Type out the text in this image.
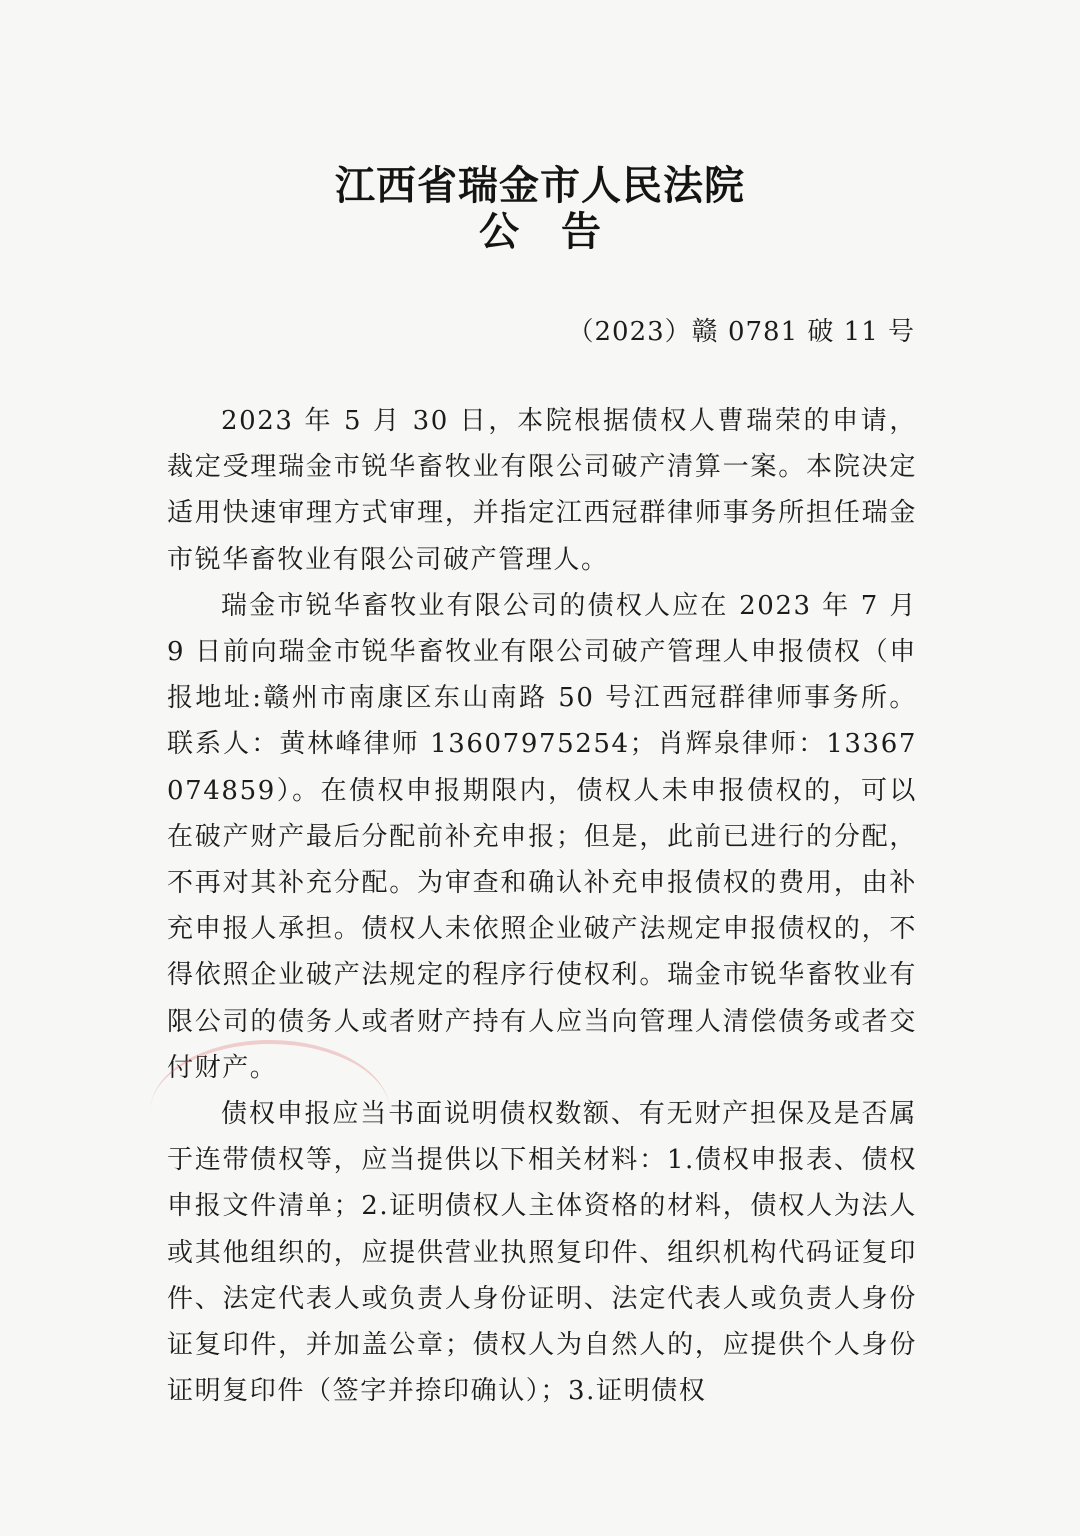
江西省瑞金市人民法院
公告

（2023）赣 0781 破 11 号

2023 年 5 月 30 日，本院根据债权人曹瑞荣的申请，裁定受理瑞金市锐华畜牧业有限公司破产清算一案。本院决定适用快速审理方式审理，并指定江西冠群律师事务所担任瑞金市锐华畜牧业有限公司破产管理人。

瑞金市锐华畜牧业有限公司的债权人应在 2023 年 7 月 9 日前向瑞金市锐华畜牧业有限公司破产管理人申报债权（申报地址:赣州市南康区东山南路 50 号江西冠群律师事务所。联系人：黄林峰律师 13607975254；肖辉泉律师：13367074859）。在债权申报期限内，债权人未申报债权的，可以在破产财产最后分配前补充申报；但是，此前已进行的分配，不再对其补充分配。为审查和确认补充申报债权的费用，由补充申报人承担。债权人未依照企业破产法规定申报债权的，不得依照企业破产法规定的程序行使权利。瑞金市锐华畜牧业有限公司的债务人或者财产持有人应当向管理人清偿债务或者交付财产。

债权申报应当书面说明债权数额、有无财产担保及是否属于连带债权等，应当提供以下相关材料：1.债权申报表、债权申报文件清单；2.证明债权人主体资格的材料，债权人为法人或其他组织的，应提供营业执照复印件、组织机构代码证复印件、法定代表人或负责人身份证明、法定代表人或负责人身份证复印件，并加盖公章；债权人为自然人的，应提供个人身份证明复印件（签字并捺印确认）；3.证明债权
